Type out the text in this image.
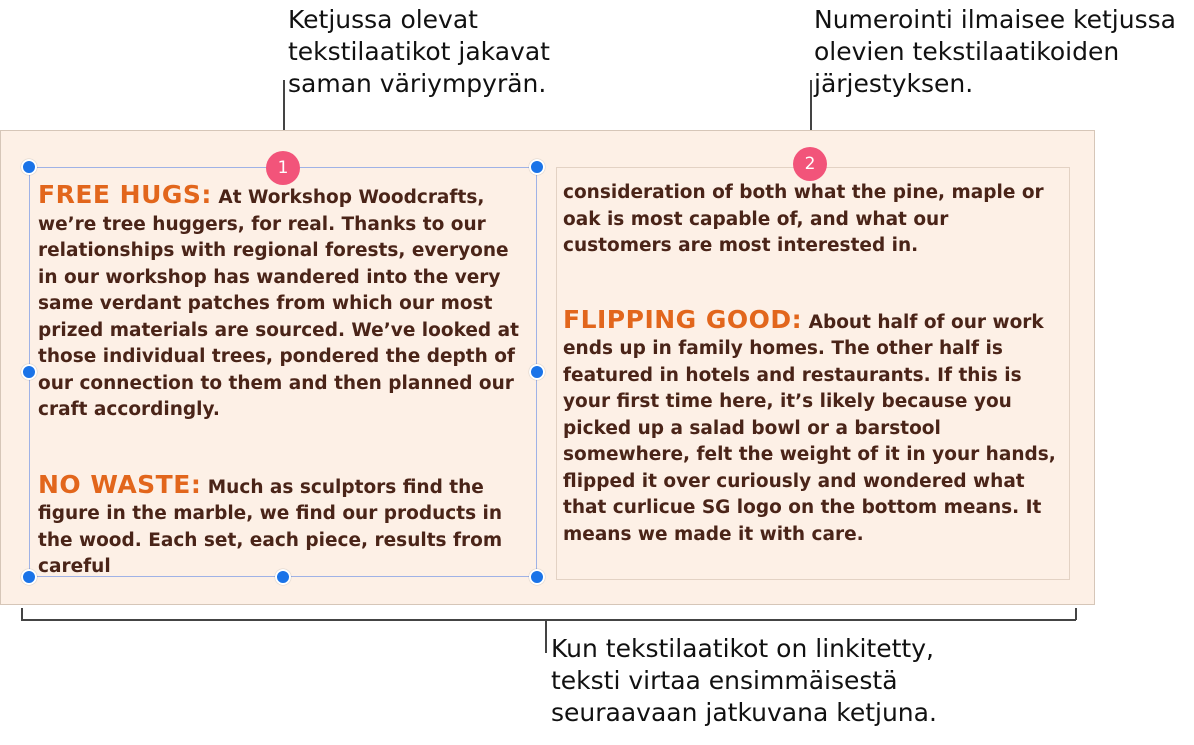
Ketjussa olevat
tekstilaatikot jakavat
saman väriympyrän.
Numerointi ilmaisee ketjussa
olevien tekstilaatikoiden
järjestyksen.
Kun tekstilaatikot on linkitetty,
teksti virtaa ensimmäisestä
seuraavaan jatkuvana ketjuna.

FREE HUGS: At Workshop Woodcrafts, we’re tree huggers, for real. Thanks to our relationships with regional forests, everyone in our workshop has wandered into the very same verdant patches from which our most prized materials are sourced. We’ve looked at those individual trees, pondered the depth of our connection to them and then planned our craft accordingly.

NO WASTE: Much as sculptors find the figure in the marble, we find our products in the wood. Each set, each piece, results from careful

consideration of both what the pine, maple or oak is most capable of, and what our customers are most interested in.

FLIPPING GOOD: About half of our work ends up in family homes. The other half is featured in hotels and restaurants. If this is your first time here, it’s likely because you picked up a salad bowl or a barstool somewhere, felt the weight of it in your hands, flipped it over curiously and wondered what that curlicue SG logo on the bottom means. It means we made it with care.

1	2
